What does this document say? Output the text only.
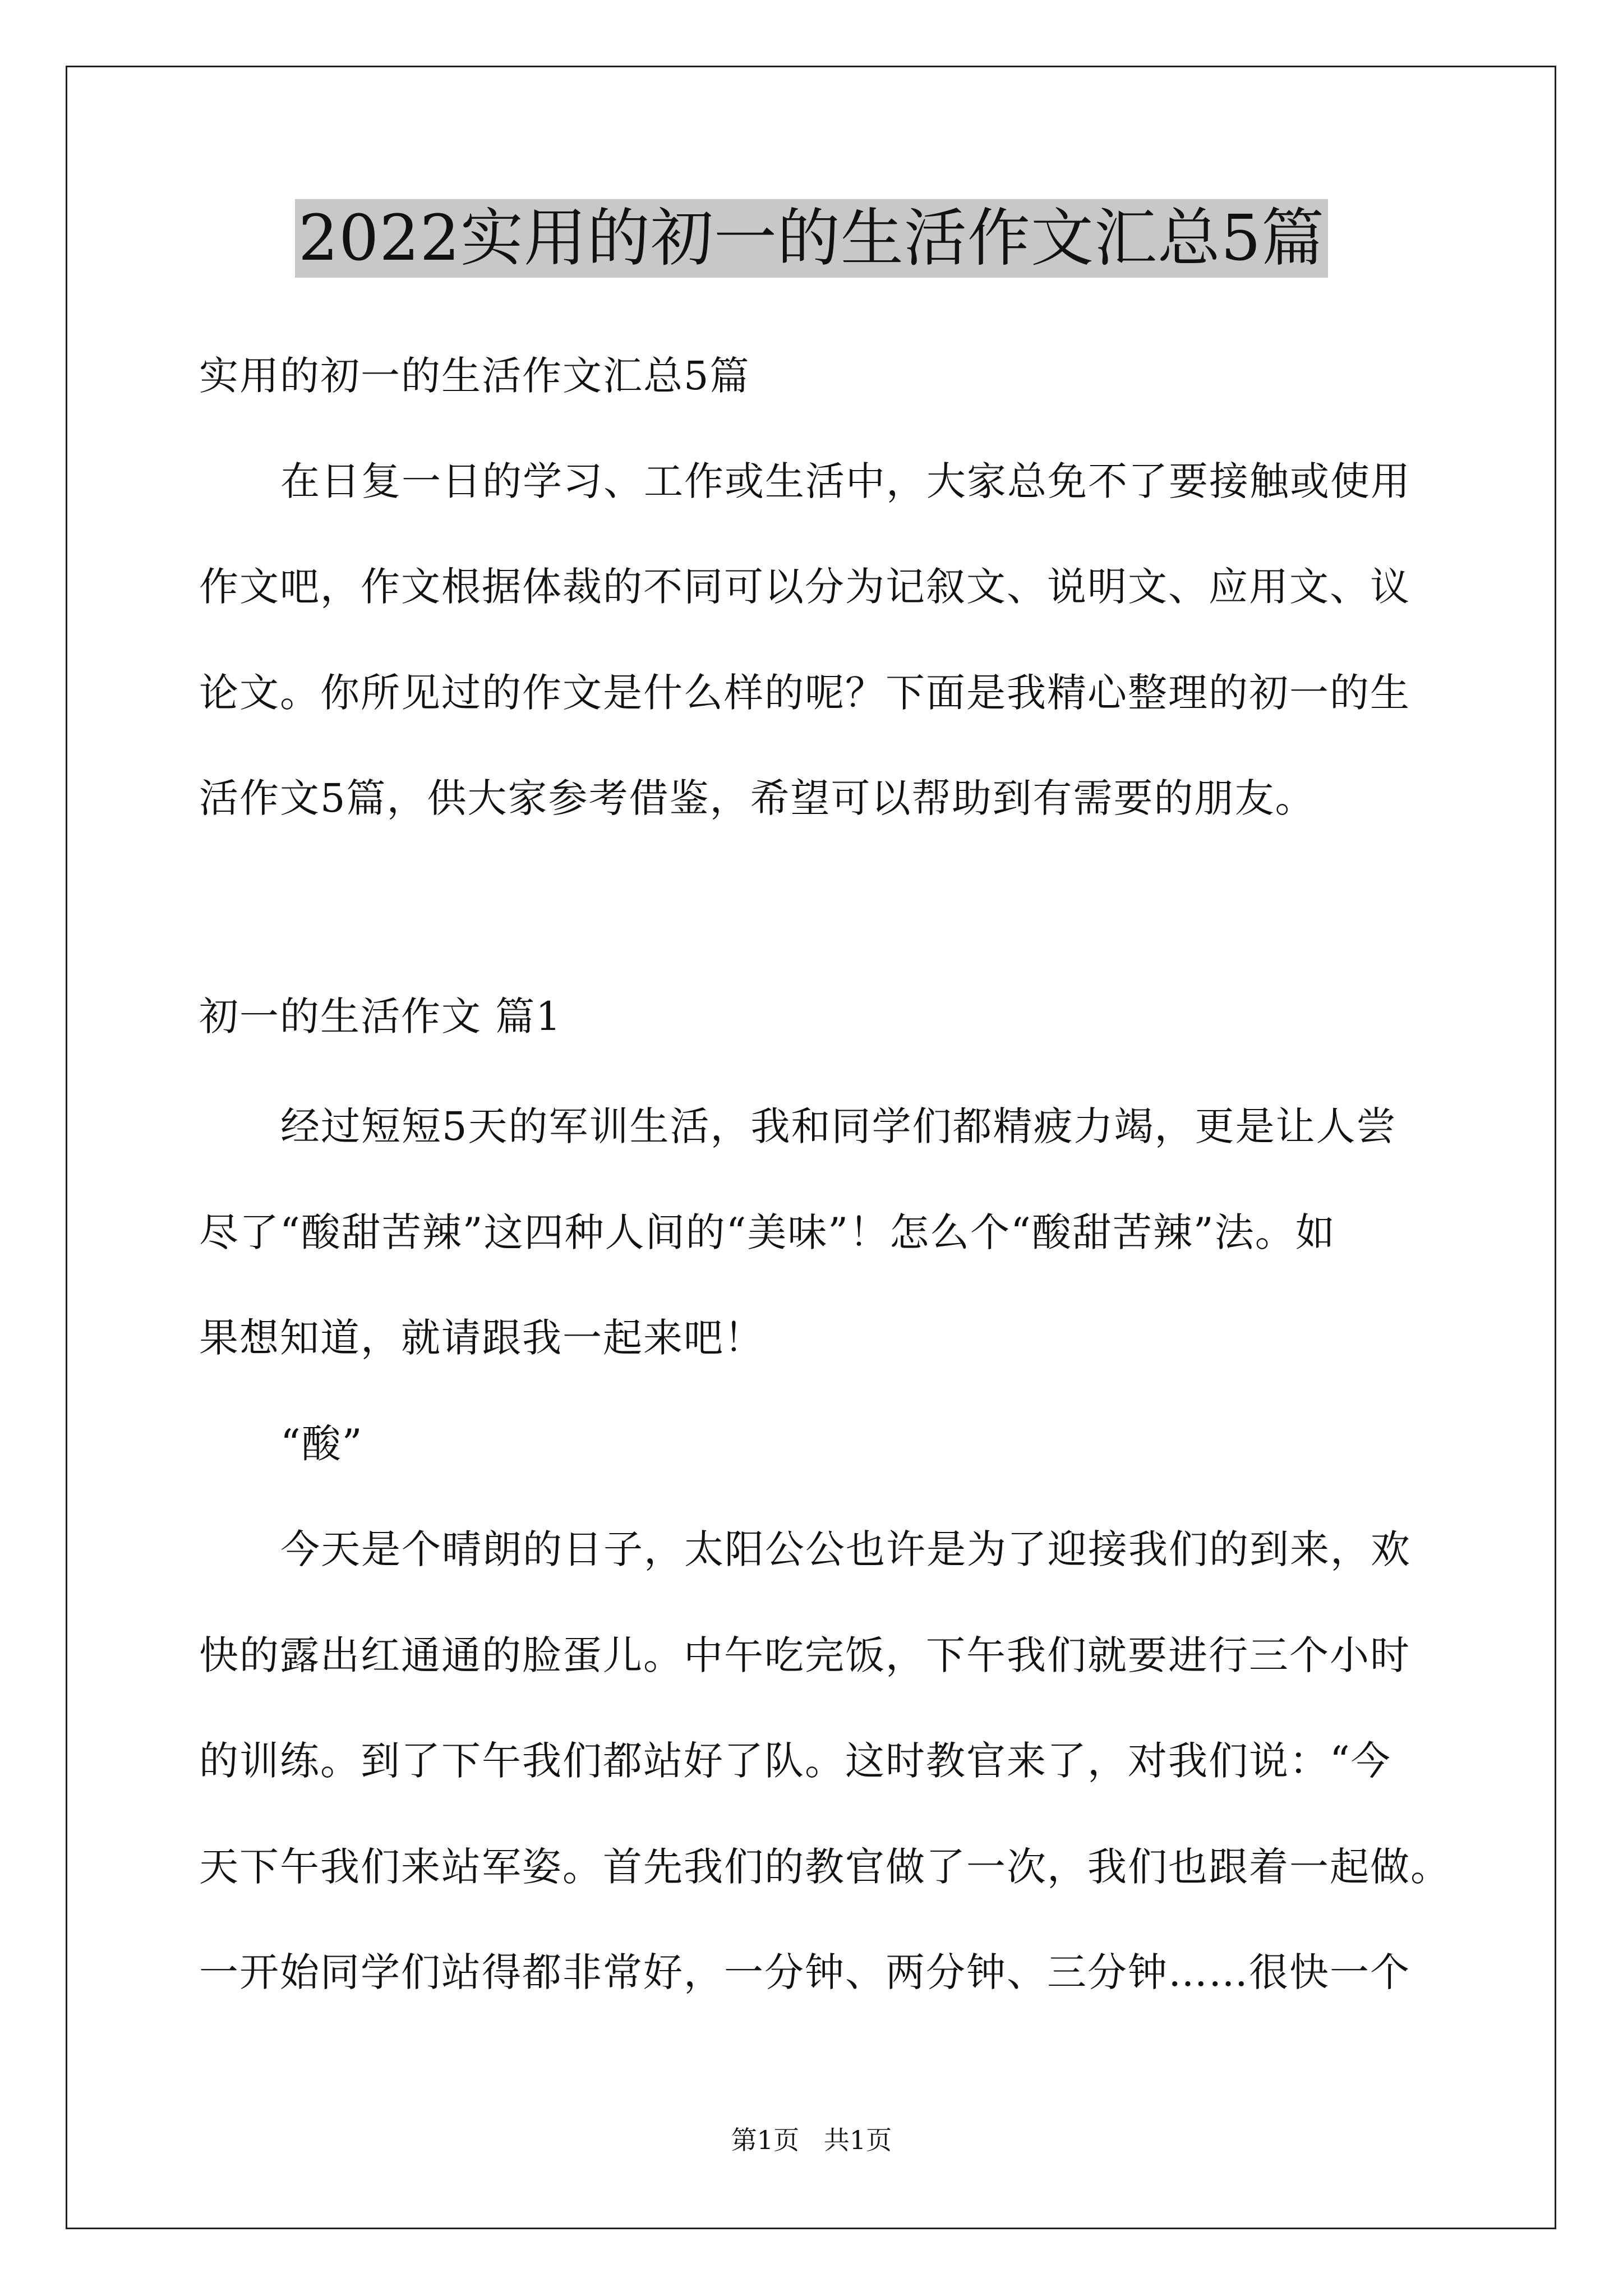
2022实用的初一的生活作文汇总5篇
实用的初一的生活作文汇总5篇
在日复一日的学习、工作或生活中，大家总免不了要接触或使用
作文吧，作文根据体裁的不同可以分为记叙文、说明文、应用文、议
论文。你所见过的作文是什么样的呢？下面是我精心整理的初一的生
活作文5篇，供大家参考借鉴，希望可以帮助到有需要的朋友。
初一的生活作文 篇1
经过短短5天的军训生活，我和同学们都精疲力竭，更是让人尝
尽了“酸甜苦辣”这四种人间的“美味”！怎么个“酸甜苦辣”法。如
果想知道，就请跟我一起来吧！
“酸”
今天是个晴朗的日子，太阳公公也许是为了迎接我们的到来，欢
快的露出红通通的脸蛋儿。中午吃完饭，下午我们就要进行三个小时
的训练。到了下午我们都站好了队。这时教官来了，对我们说：“今
天下午我们来站军姿。首先我们的教官做了一次，我们也跟着一起做。
一开始同学们站得都非常好，一分钟、两分钟、三分钟……很快一个
第1页   共1页
